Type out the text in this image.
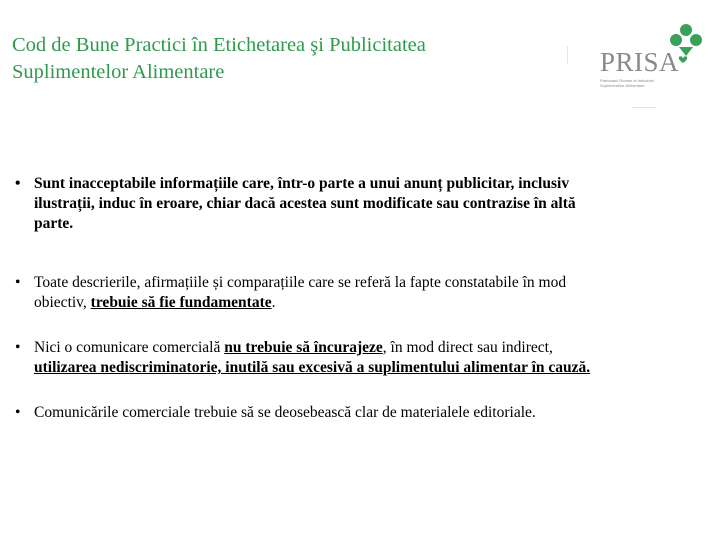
Cod de Bune Practici în Etichetarea şi Publicitatea
Suplimentelor Alimentare	PRISA
Patronatul Român al Industriei
Suplimentelor Alimentare

• Sunt inacceptabile informațiile care, într-o parte a unui anunț publicitar, inclusiv
ilustrații, induc în eroare, chiar dacă acestea sunt modificate sau contrazise în altă
parte.

• Toate descrierile, afirmațiile și comparațiile care se referă la fapte constatabile în mod
obiectiv, trebuie să fie fundamentate.

• Nici o comunicare comercială nu trebuie să încurajeze, în mod direct sau indirect,
utilizarea nediscriminatorie, inutilă sau excesivă a suplimentului alimentar în cauză.

• Comunicările comerciale trebuie să se deosebească clar de materialele editoriale.
